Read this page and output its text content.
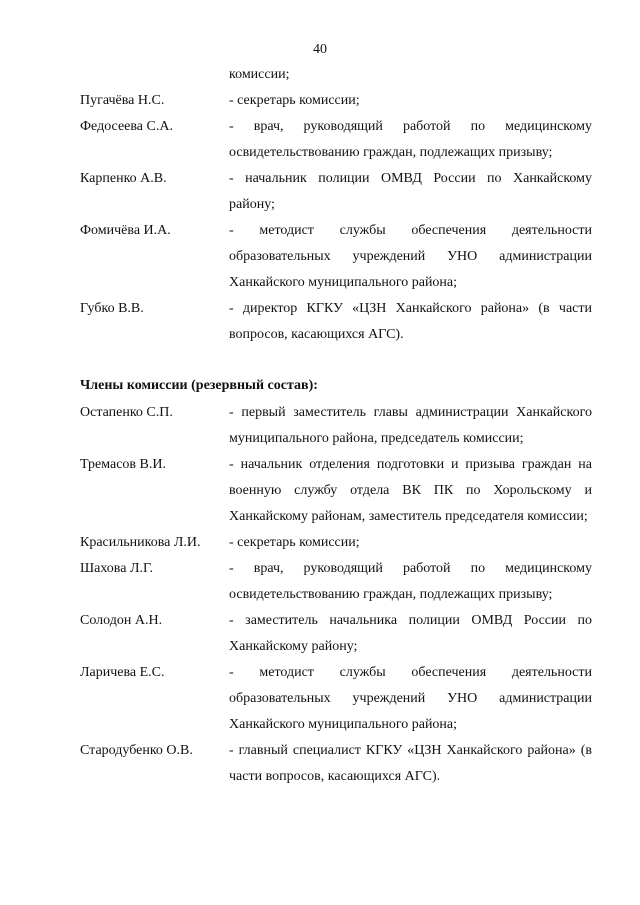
40
комиссии;
Пугачёва Н.С.	- секретарь комиссии;
Федосеева С.А.	- врач, руководящий работой по медицинскому освидетельствованию граждан, подлежащих призыву;
Карпенко А.В.	- начальник полиции ОМВД России по Ханкайскому району;
Фомичёва И.А.	- методист службы обеспечения деятельности образовательных учреждений УНО администрации Ханкайского муниципального района;
Губко В.В.	- директор КГКУ «ЦЗН Ханкайского района» (в части вопросов, касающихся АГС).
Члены комиссии (резервный состав):
Остапенко С.П.	- первый заместитель главы администрации Ханкайского муниципального района, председатель комиссии;
Тремасов В.И.	- начальник отделения подготовки и призыва граждан на военную службу отдела ВК ПК по Хорольскому и Ханкайскому районам, заместитель председателя комиссии;
Красильникова Л.И.	- секретарь комиссии;
Шахова Л.Г.	- врач, руководящий работой по медицинскому освидетельствованию граждан, подлежащих призыву;
Солодон А.Н.	- заместитель начальника полиции ОМВД России по Ханкайскому району;
Ларичева Е.С.	- методист службы обеспечения деятельности образовательных учреждений УНО администрации Ханкайского муниципального района;
Стародубенко О.В.	- главный специалист КГКУ «ЦЗН Ханкайского района» (в части вопросов, касающихся АГС).
